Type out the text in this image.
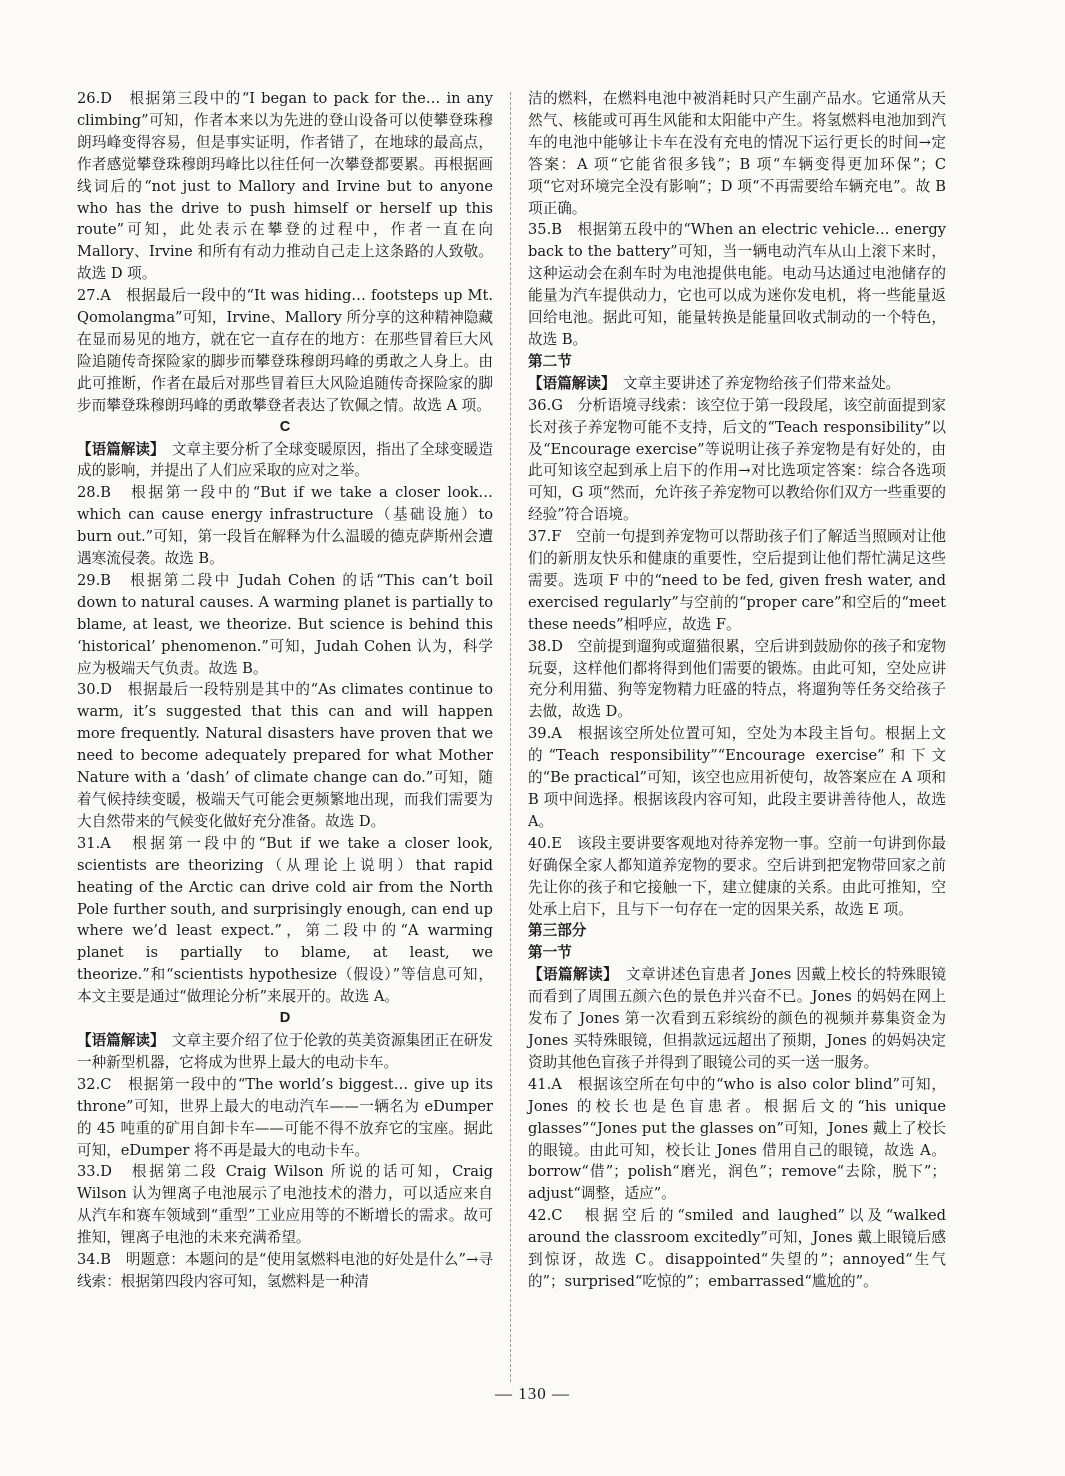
26.D　根据第三段中的“I began to pack for the… in any climbing”可知，作者本来以为先进的登山设备可以使攀登珠穆朗玛峰变得容易，但是事实证明，作者错了，在地球的最高点，作者感觉攀登珠穆朗玛峰比以往任何一次攀登都要累。再根据画线词后的“not just to Mallory and Irvine but to anyone who has the drive to push himself or herself up this route”可知，此处表示在攀登的过程中，作者一直在向 Mallory、Irvine 和所有有动力推动自己走上这条路的人致敬。故选 D 项。

27.A　根据最后一段中的“It was hiding… footsteps up Mt. Qomolangma”可知，Irvine、Mallory 所分享的这种精神隐藏在显而易见的地方，就在它一直存在的地方：在那些冒着巨大风险追随传奇探险家的脚步而攀登珠穆朗玛峰的勇敢之人身上。由此可推断，作者在最后对那些冒着巨大风险追随传奇探险家的脚步而攀登珠穆朗玛峰的勇敢攀登者表达了钦佩之情。故选 A 项。

C

【语篇解读】　文章主要分析了全球变暖原因，指出了全球变暖造成的影响，并提出了人们应采取的应对之举。

28.B　根据第一段中的“But if we take a closer look… which can cause energy infrastructure（基础设施）to burn out.”可知，第一段旨在解释为什么温暖的德克萨斯州会遭遇寒流侵袭。故选 B。

29.B　根据第二段中 Judah Cohen 的话“This can’t boil down to natural causes. A warming planet is partially to blame, at least, we theorize. But science is behind this ‘historical’ phenomenon.”可知，Judah Cohen 认为，科学应为极端天气负责。故选 B。

30.D　根据最后一段特别是其中的“As climates continue to warm, it’s suggested that this can and will happen more frequently. Natural disasters have proven that we need to become adequately prepared for what Mother Nature with a ‘dash’ of climate change can do.”可知，随着气候持续变暖，极端天气可能会更频繁地出现，而我们需要为大自然带来的气候变化做好充分准备。故选 D。

31.A　根据第一段中的“But if we take a closer look, scientists are theorizing（从理论上说明）that rapid heating of the Arctic can drive cold air from the North Pole further south, and surprisingly enough, can end up where we’d least expect.”，第二段中的“A warming planet is partially to blame, at least, we theorize.”和“scientists hypothesize（假设）”等信息可知，本文主要是通过“做理论分析”来展开的。故选 A。

D

【语篇解读】　文章主要介绍了位于伦敦的英美资源集团正在研发一种新型机器，它将成为世界上最大的电动卡车。

32.C　根据第一段中的“The world’s biggest… give up its throne”可知，世界上最大的电动汽车——一辆名为 eDumper 的 45 吨重的矿用自卸卡车——可能不得不放弃它的宝座。据此可知，eDumper 将不再是最大的电动卡车。

33.D　根据第二段 Craig Wilson 所说的话可知，Craig Wilson 认为锂离子电池展示了电池技术的潜力，可以适应来自从汽车和赛车领域到“重型”工业应用等的不断增长的需求。故可推知，锂离子电池的未来充满希望。

34.B　明题意：本题问的是“使用氢燃料电池的好处是什么”→寻线索：根据第四段内容可知，氢燃料是一种清

洁的燃料，在燃料电池中被消耗时只产生副产品水。它通常从天然气、核能或可再生风能和太阳能中产生。将氢燃料电池加到汽车的电池中能够让卡车在没有充电的情况下运行更长的时间→定答案：A 项“它能省很多钱”；B 项“车辆变得更加环保”；C 项“它对环境完全没有影响”；D 项“不再需要给车辆充电”。故 B 项正确。

35.B　根据第五段中的“When an electric vehicle… energy back to the battery”可知，当一辆电动汽车从山上滚下来时，这种运动会在刹车时为电池提供电能。电动马达通过电池储存的能量为汽车提供动力，它也可以成为迷你发电机，将一些能量返回给电池。据此可知，能量转换是能量回收式制动的一个特色，故选 B。

第二节

【语篇解读】　文章主要讲述了养宠物给孩子们带来益处。

36.G　分析语境寻线索：该空位于第一段段尾，该空前面提到家长对孩子养宠物可能不支持，后文的“Teach responsibility”以及“Encourage exercise”等说明让孩子养宠物是有好处的，由此可知该空起到承上启下的作用→对比选项定答案：综合各选项可知，G 项“然而，允许孩子养宠物可以教给你们双方一些重要的经验”符合语境。

37.F　空前一句提到养宠物可以帮助孩子们了解适当照顾对让他们的新朋友快乐和健康的重要性，空后提到让他们帮忙满足这些需要。选项 F 中的“need to be fed, given fresh water, and exercised regularly”与空前的“proper care”和空后的“meet these needs”相呼应，故选 F。

38.D　空前提到遛狗或遛猫很累，空后讲到鼓励你的孩子和宠物玩耍，这样他们都将得到他们需要的锻炼。由此可知，空处应讲充分利用猫、狗等宠物精力旺盛的特点，将遛狗等任务交给孩子去做，故选 D。

39.A　根据该空所处位置可知，空处为本段主旨句。根据上文的“Teach responsibility”“Encourage exercise”和下文的“Be practical”可知，该空也应用祈使句，故答案应在 A 项和 B 项中间选择。根据该段内容可知，此段主要讲善待他人，故选 A。

40.E　该段主要讲要客观地对待养宠物一事。空前一句讲到你最好确保全家人都知道养宠物的要求。空后讲到把宠物带回家之前先让你的孩子和它接触一下，建立健康的关系。由此可推知，空处承上启下，且与下一句存在一定的因果关系，故选 E 项。

第三部分

第一节

【语篇解读】　文章讲述色盲患者 Jones 因戴上校长的特殊眼镜而看到了周围五颜六色的景色并兴奋不已。Jones 的妈妈在网上发布了 Jones 第一次看到五彩缤纷的颜色的视频并募集资金为 Jones 买特殊眼镜，但捐款远远超出了预期，Jones 的妈妈决定资助其他色盲孩子并得到了眼镜公司的买一送一服务。

41.A　根据该空所在句中的“who is also color blind”可知，Jones 的校长也是色盲患者。根据后文的“his unique glasses”“Jones put the glasses on”可知，Jones 戴上了校长的眼镜。由此可知，校长让 Jones 借用自己的眼镜，故选 A。borrow“借”；polish“磨光，润色”；remove“去除，脱下”；adjust“调整，适应”。

42.C　根据空后的“smiled and laughed”以及“walked around the classroom excitedly”可知，Jones 戴上眼镜后感到惊讶，故选 C。disappointed“失望的”；annoyed“生气的”；surprised“吃惊的”；embarrassed“尴尬的”。

— 130 —
